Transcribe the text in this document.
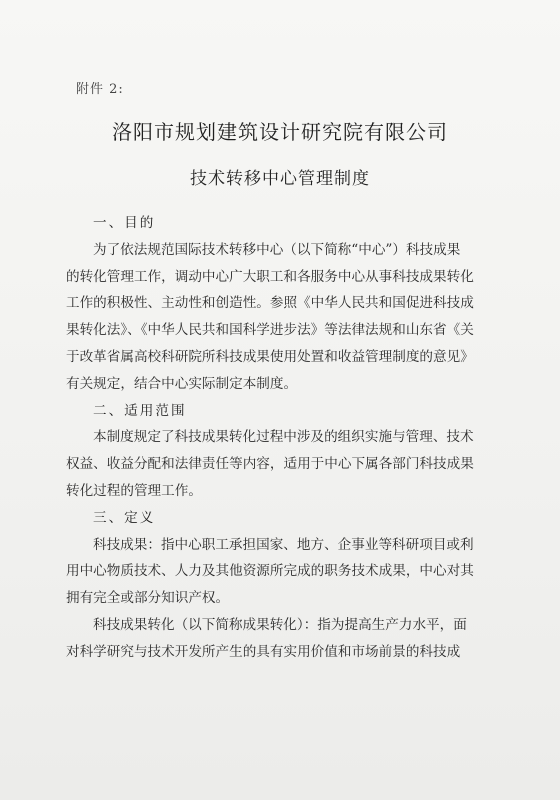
附件 2:
洛阳市规划建筑设计研究院有限公司
技术转移中心管理制度

一、目的

为了依法规范国际技术转移中心（以下简称“中心”）科技成果
的转化管理工作，调动中心广大职工和各服务中心从事科技成果转化
工作的积极性、主动性和创造性。参照《中华人民共和国促进科技成
果转化法》、《中华人民共和国科学进步法》等法律法规和山东省《关
于改革省属高校科研院所科技成果使用处置和收益管理制度的意见》
有关规定，结合中心实际制定本制度。

二、适用范围

本制度规定了科技成果转化过程中涉及的组织实施与管理、技术
权益、收益分配和法律责任等内容，适用于中心下属各部门科技成果
转化过程的管理工作。

三、定义

科技成果：指中心职工承担国家、地方、企事业等科研项目或利
用中心物质技术、人力及其他资源所完成的职务技术成果，中心对其
拥有完全或部分知识产权。
科技成果转化（以下简称成果转化）：指为提高生产力水平，面
对科学研究与技术开发所产生的具有实用价值和市场前景的科技成
